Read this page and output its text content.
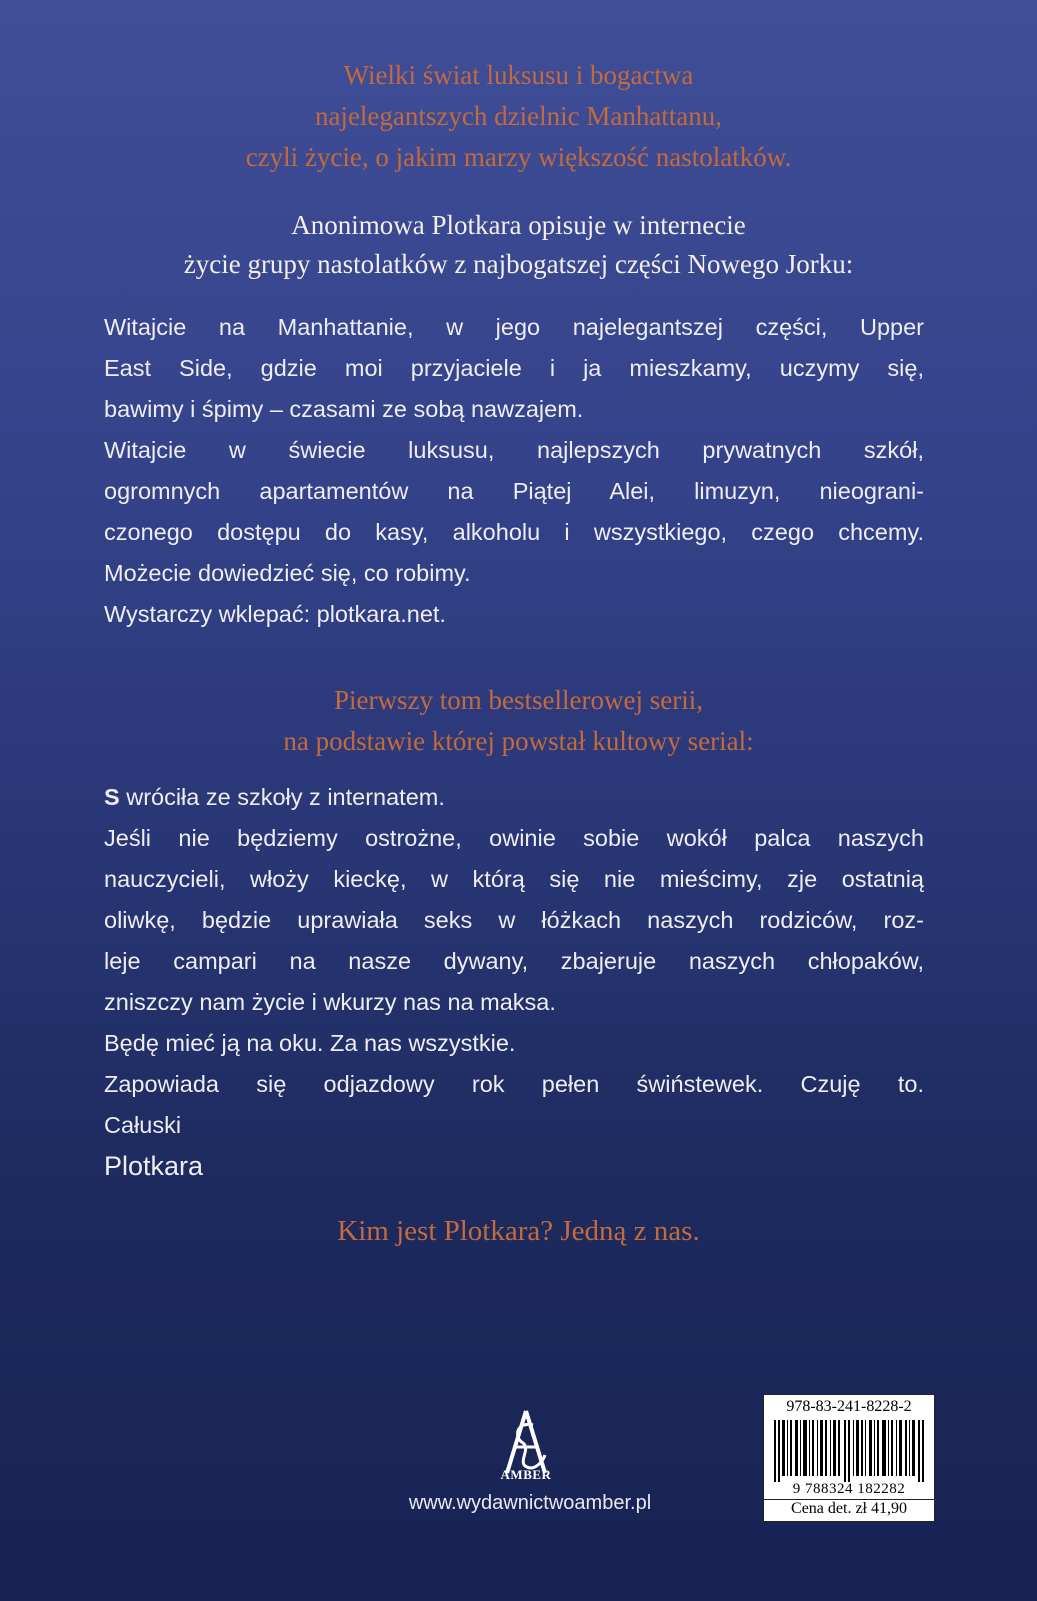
Wielki świat luksusu i bogactwa
najelegantszych dzielnic Manhattanu,
czyli życie, o jakim marzy większość nastolatków.
Anonimowa Plotkara opisuje w internecie
życie grupy nastolatków z najbogatszej części Nowego Jorku:
Witajcie na Manhattanie, w jego najelegantszej części, Upper
East Side, gdzie moi przyjaciele i ja mieszkamy, uczymy się,
bawimy i śpimy – czasami ze sobą nawzajem.
Witajcie w świecie luksusu, najlepszych prywatnych szkół,
ogromnych apartamentów na Piątej Alei, limuzyn, nieograni-
czonego dostępu do kasy, alkoholu i wszystkiego, czego chcemy.
Możecie dowiedzieć się, co robimy.
Wystarczy wklepać: plotkara.net.
Pierwszy tom bestsellerowej serii,
na podstawie której powstał kultowy serial:
S wróciła ze szkoły z internatem.
Jeśli nie będziemy ostrożne, owinie sobie wokół palca naszych
nauczycieli, włoży kieckę, w którą się nie mieścimy, zje ostatnią
oliwkę, będzie uprawiała seks w łóżkach naszych rodziców, roz-
leje campari na nasze dywany, zbajeruje naszych chłopaków,
zniszczy nam życie i wkurzy nas na maksa.
Będę mieć ją na oku. Za nas wszystkie.
Zapowiada się odjazdowy rok pełen świństewek. Czuję to.
Całuski
Plotkara
Kim jest Plotkara? Jedną z nas.
AMBER
www.wydawnictwoamber.pl
978-83-241-8228-2
9 788324 182282
Cena det. zł 41,90
